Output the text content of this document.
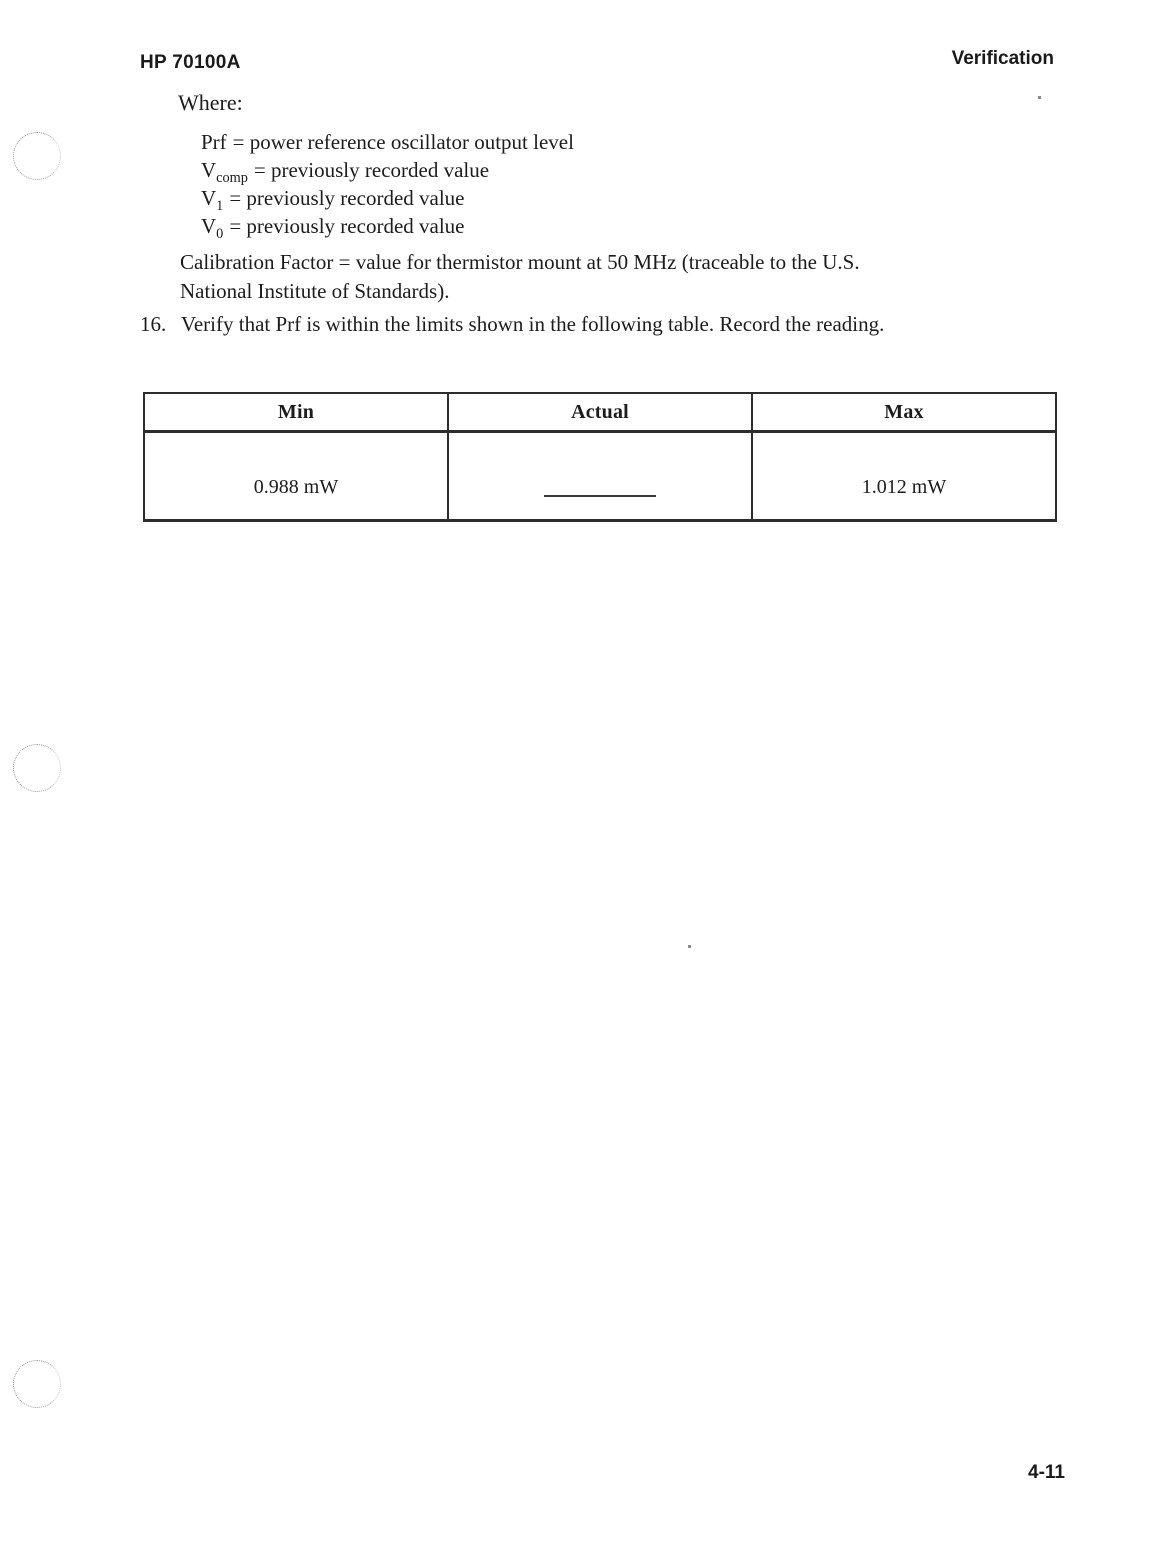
HP 70100A	Verification
Where:
Prf = power reference oscillator output level
$V_{comp}$ = previously recorded value
$V_1$ = previously recorded value
$V_0$ = previously recorded value
Calibration Factor = value for thermistor mount at 50 MHz (traceable to the U.S.
National Institute of Standards).
16. Verify that Prf is within the limits shown in the following table. Record the reading.
Min	Actual	Max

0.988 mW		1.012 mW
4-11
